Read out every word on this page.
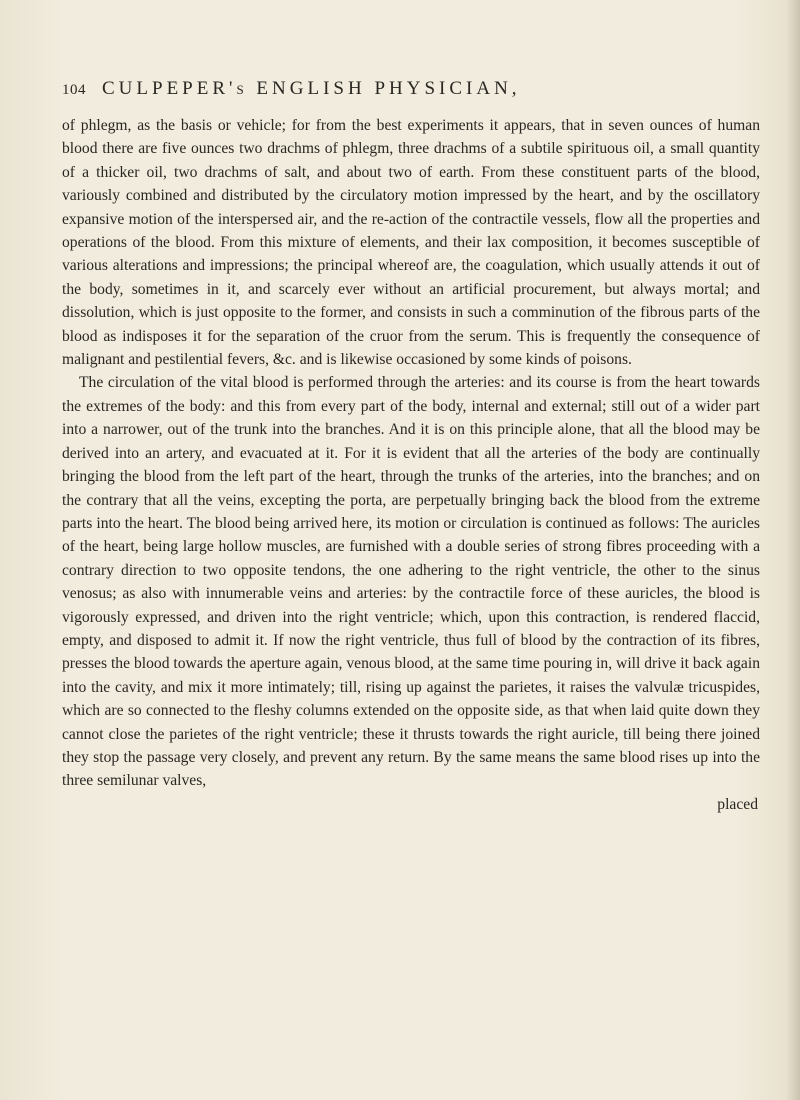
104 CULPEPER's ENGLISH PHYSICIAN,

of phlegm, as the basis or vehicle; for from the best experiments it appears, that in seven ounces of human blood there are five ounces two drachms of phlegm, three drachms of a subtile spirituous oil, a small quantity of a thicker oil, two drachms of salt, and about two of earth. From these constituent parts of the blood, variously combined and distributed by the circulatory motion impressed by the heart, and by the oscillatory expansive motion of the interspersed air, and the re-action of the contractile vessels, flow all the properties and operations of the blood. From this mixture of elements, and their lax composition, it becomes susceptible of various alterations and impressions; the principal whereof are, the coagulation, which usually attends it out of the body, sometimes in it, and scarcely ever without an artificial procurement, but always mortal; and dissolution, which is just opposite to the former, and consists in such a comminution of the fibrous parts of the blood as indisposes it for the separation of the cruor from the serum. This is frequently the consequence of malignant and pestilential fevers, &c. and is likewise occasioned by some kinds of poisons.

The circulation of the vital blood is performed through the arteries: and its course is from the heart towards the extremes of the body: and this from every part of the body, internal and external; still out of a wider part into a narrower, out of the trunk into the branches. And it is on this principle alone, that all the blood may be derived into an artery, and evacuated at it. For it is evident that all the arteries of the body are continually bringing the blood from the left part of the heart, through the trunks of the arteries, into the branches; and on the contrary that all the veins, excepting the porta, are perpetually bringing back the blood from the extreme parts into the heart. The blood being arrived here, its motion or circulation is continued as follows: The auricles of the heart, being large hollow muscles, are furnished with a double series of strong fibres proceeding with a contrary direction to two opposite tendons, the one adhering to the right ventricle, the other to the sinus venosus; as also with innumerable veins and arteries: by the contractile force of these auricles, the blood is vigorously expressed, and driven into the right ventricle; which, upon this contraction, is rendered flaccid, empty, and disposed to admit it. If now the right ventricle, thus full of blood by the contraction of its fibres, presses the blood towards the aperture again, venous blood, at the same time pouring in, will drive it back again into the cavity, and mix it more intimately; till, rising up against the parietes, it raises the valvulæ tricuspides, which are so connected to the fleshy columns extended on the opposite side, as that when laid quite down they cannot close the parietes of the right ventricle; these it thrusts towards the right auricle, till being there joined they stop the passage very closely, and prevent any return. By the same means the same blood rises up into the three semilunar valves,

placed
